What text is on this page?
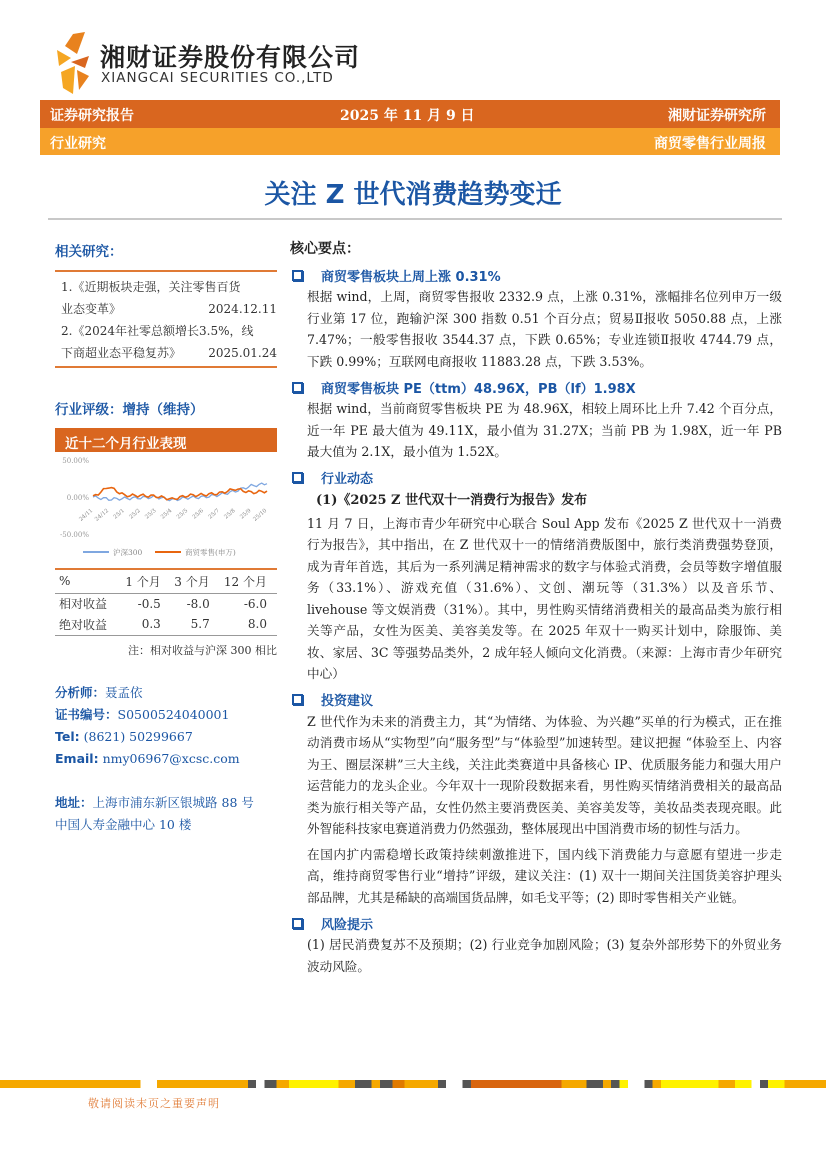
湘财证券股份有限公司
XIANGCAI SECURITIES CO.,LTD
证券研究报告	2025 年 11 月 9 日	湘财证券研究所
行业研究	商贸零售行业周报
关注 Z 世代消费趋势变迁
相关研究：
1.《近期板块走强，关注零售百货
业态变革》	2024.12.11
2.《2024年社零总额增长3.5%，线
下商超业态平稳复苏》 2025.01.24
行业评级：增持（维持）
近十二个月行业表现
50.00%
0.00%
-50.00%
24/11 24/12 25/1 25/2 25/3 25/4 25/5 25/6 25/7 25/8 25/9 25/10
沪深300	商贸零售(申万)
%	1 个月	3 个月	12 个月
相对收益	-0.5	-8.0	-6.0
绝对收益	0.3	5.7	8.0
注：相对收益与沪深 300 相比
分析师：聂孟依
证书编号：S0500524040001
Tel: (8621) 50299667
Email: nmy06967@xcsc.com
地址：上海市浦东新区银城路 88 号
中国人寿金融中心 10 楼
核心要点：
商贸零售板块上周上涨 0.31%
根据 wind，上周，商贸零售报收 2332.9 点，上涨 0.31%，涨幅排名位列申万一级行业第 17 位，跑输沪深 300 指数 0.51 个百分点；贸易Ⅱ报收 5050.88 点，上涨 7.47%；一般零售报收 3544.37 点，下跌 0.65%；专业连锁Ⅱ报收 4744.79 点，下跌 0.99%；互联网电商报收 11883.28 点，下跌 3.53%。
商贸零售板块 PE（ttm）48.96X，PB（lf）1.98X
根据 wind，当前商贸零售板块 PE 为 48.96X，相较上周环比上升 7.42 个百分点，近一年 PE 最大值为 49.11X，最小值为 31.27X；当前 PB 为 1.98X，近一年 PB 最大值为 2.1X，最小值为 1.52X。
行业动态
(1)《2025 Z 世代双十一消费行为报告》发布
11 月 7 日，上海市青少年研究中心联合 Soul App 发布《2025 Z 世代双十一消费行为报告》，其中指出，在 Z 世代双十一的情绪消费版图中，旅行类消费强势登顶，成为青年首选，其后为一系列满足精神需求的数字与体验式消费，会员等数字增值服务（33.1%）、游戏充值（31.6%）、文创、潮玩等（31.3%）以及音乐节、livehouse 等文娱消费（31%）。其中，男性购买情绪消费相关的最高品类为旅行相关等产品，女性为医美、美容美发等。在 2025 年双十一购买计划中，除服饰、美妆、家居、3C 等强势品类外，2 成年轻人倾向文化消费。（来源：上海市青少年研究中心）
投资建议
Z 世代作为未来的消费主力，其“为情绪、为体验、为兴趣”买单的行为模式，正在推动消费市场从“实物型”向“服务型”与“体验型”加速转型。建议把握 “体验至上、内容为王、圈层深耕”三大主线，关注此类赛道中具备核心 IP、优质服务能力和强大用户运营能力的龙头企业。今年双十一现阶段数据来看，男性购买情绪消费相关的最高品类为旅行相关等产品，女性仍然主要消费医美、美容美发等，美妆品类表现亮眼。此外智能科技家电赛道消费力仍然强劲，整体展现出中国消费市场的韧性与活力。
在国内扩内需稳增长政策持续刺激推进下，国内线下消费能力与意愿有望进一步走高，维持商贸零售行业“增持”评级，建议关注：(1) 双十一期间关注国货美容护理头部品牌，尤其是稀缺的高端国货品牌，如毛戈平等；(2) 即时零售相关产业链。
风险提示
(1) 居民消费复苏不及预期；(2) 行业竞争加剧风险；(3) 复杂外部形势下的外贸业务波动风险。
敬请阅读末页之重要声明
